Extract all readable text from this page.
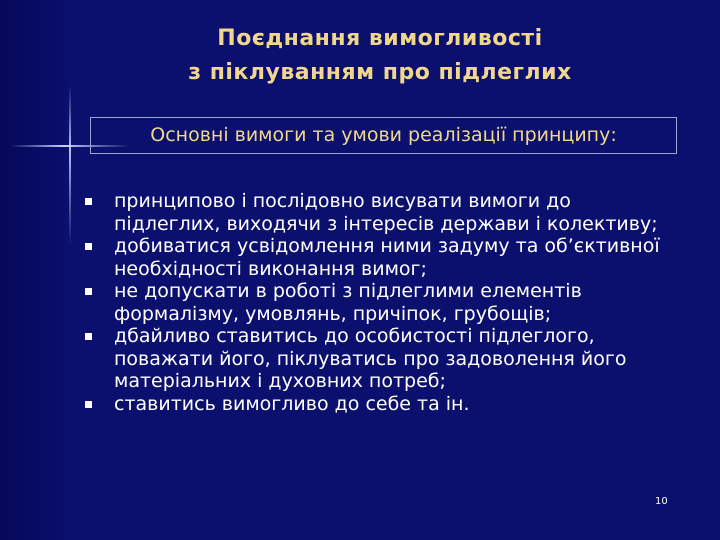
Поєднання вимогливості
з піклуванням про підлеглих
Основні вимоги та умови реалізації принципу:
принципово і послідовно висувати вимоги до підлеглих, виходячи з інтересів держави і колективу;
добиватися усвідомлення ними задуму та об’єктивної необхідності виконання вимог;
не допускати в роботі з підлеглими елементів формалізму, умовлянь, причіпок, грубощів;
дбайливо ставитись до особистості підлеглого, поважати його, піклуватись про задоволення його матеріальних і духовних потреб;
ставитись вимогливо до себе та ін.
10
